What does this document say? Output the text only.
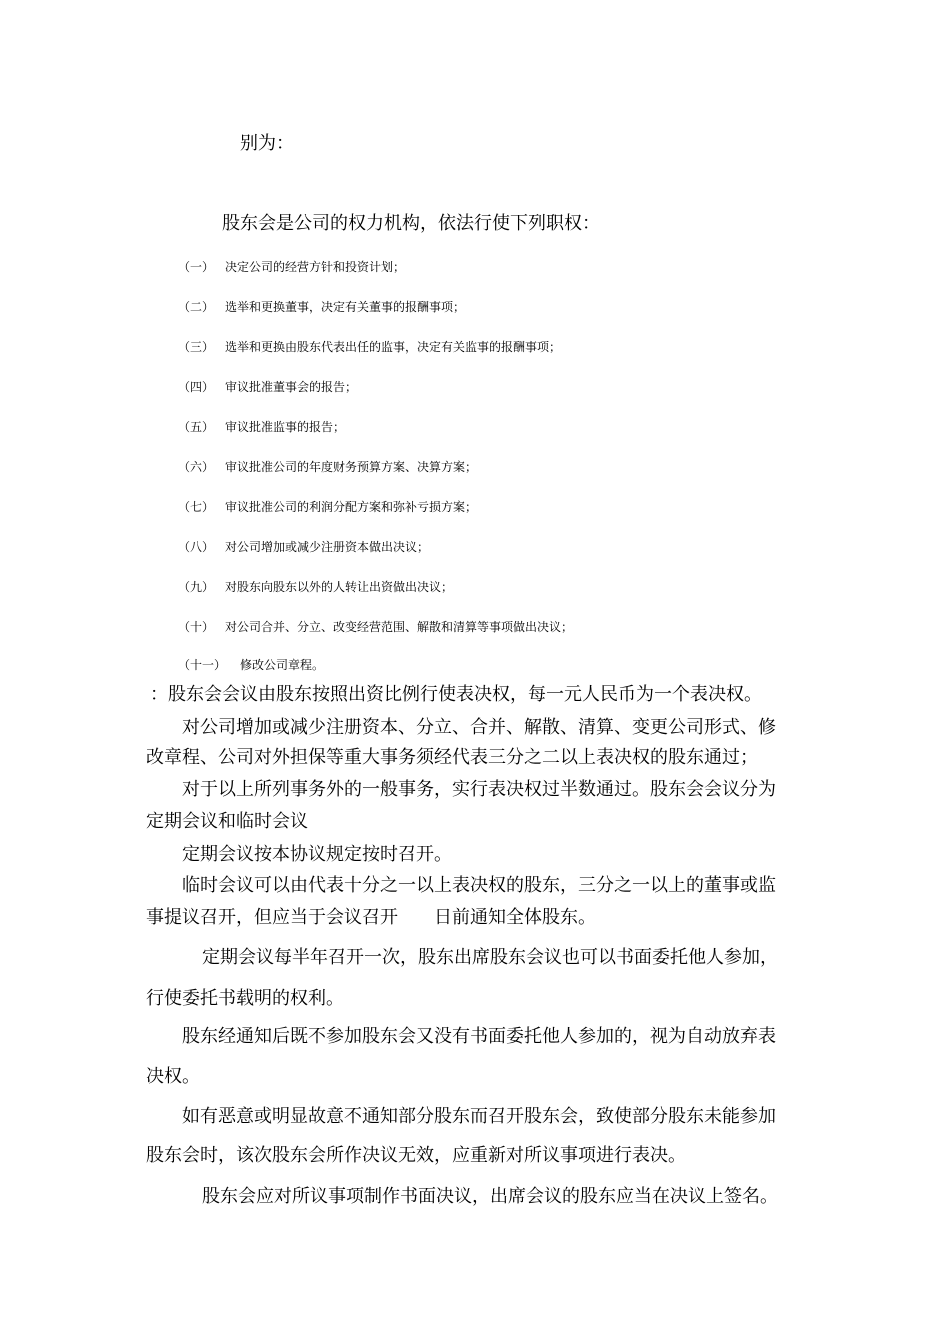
别为：
股东会是公司的权力机构，依法行使下列职权：
（一） 决定公司的经营方针和投资计划；
（二） 选举和更换董事，决定有关董事的报酬事项；
（三） 选举和更换由股东代表出任的监事，决定有关监事的报酬事项；
（四） 审议批准董事会的报告；
（五） 审议批准监事的报告；
（六） 审议批准公司的年度财务预算方案、决算方案；
（七） 审议批准公司的利润分配方案和弥补亏损方案；
（八） 对公司增加或减少注册资本做出决议；
（九） 对股东向股东以外的人转让出资做出决议；
（十） 对公司合并、分立、改变经营范围、解散和清算等事项做出决议；
（十一） 修改公司章程。
：股东会会议由股东按照出资比例行使表决权，每一元人民币为一个表决权。
对公司增加或减少注册资本、分立、合并、解散、清算、变更公司形式、修
改章程、公司对外担保等重大事务须经代表三分之二以上表决权的股东通过；
对于以上所列事务外的一般事务，实行表决权过半数通过。股东会会议分为
定期会议和临时会议
定期会议按本协议规定按时召开。
临时会议可以由代表十分之一以上表决权的股东，三分之一以上的董事或监
事提议召开，但应当于会议召开　　日前通知全体股东。
定期会议每半年召开一次，股东出席股东会议也可以书面委托他人参加，
行使委托书载明的权利。
股东经通知后既不参加股东会又没有书面委托他人参加的，视为自动放弃表
决权。
如有恶意或明显故意不通知部分股东而召开股东会，致使部分股东未能参加
股东会时，该次股东会所作决议无效，应重新对所议事项进行表决。
股东会应对所议事项制作书面决议，出席会议的股东应当在决议上签名。
